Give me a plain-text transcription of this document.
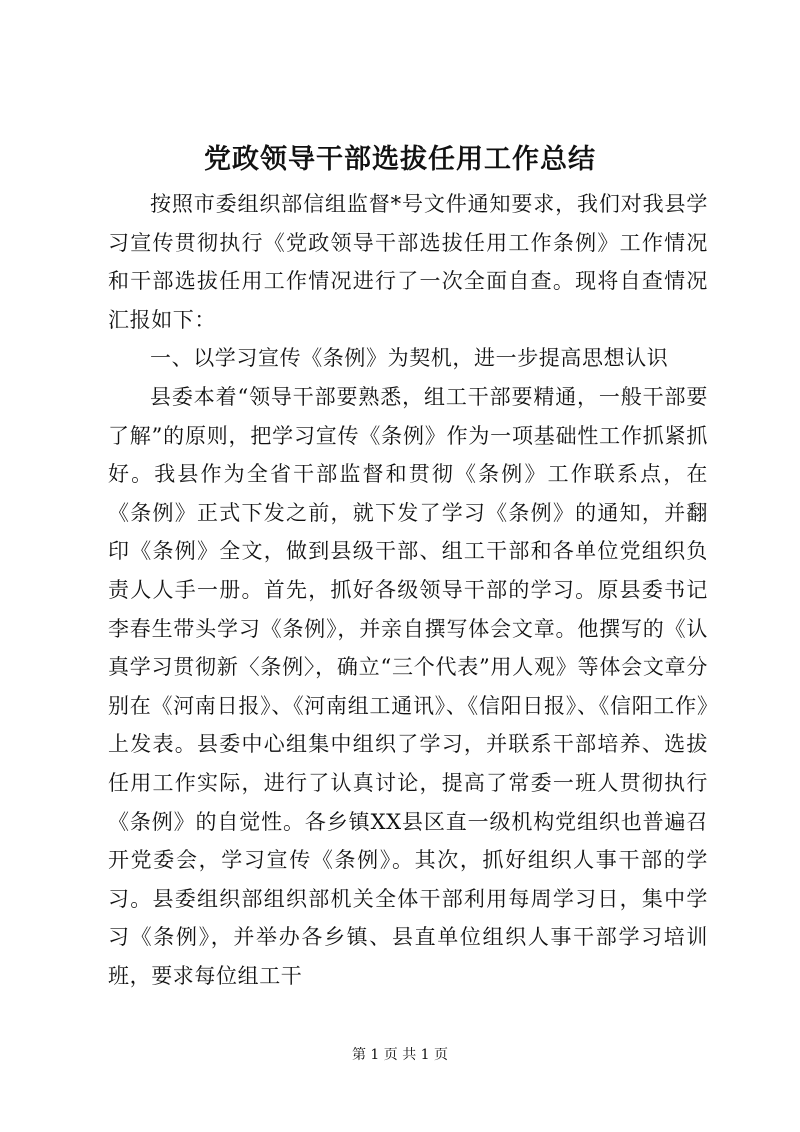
党政领导干部选拔任用工作总结

按照市委组织部信组监督*号文件通知要求，我们对我县学习宣传贯彻执行《党政领导干部选拔任用工作条例》工作情况和干部选拔任用工作情况进行了一次全面自查。现将自查情况汇报如下：

一、以学习宣传《条例》为契机，进一步提高思想认识

县委本着“领导干部要熟悉，组工干部要精通，一般干部要了解”的原则，把学习宣传《条例》作为一项基础性工作抓紧抓好。我县作为全省干部监督和贯彻《条例》工作联系点，在《条例》正式下发之前，就下发了学习《条例》的通知，并翻印《条例》全文，做到县级干部、组工干部和各单位党组织负责人人手一册。首先，抓好各级领导干部的学习。原县委书记李春生带头学习《条例》，并亲自撰写体会文章。他撰写的《认真学习贯彻新〈条例〉，确立“三个代表”用人观》等体会文章分别在《河南日报》、《河南组工通讯》、《信阳日报》、《信阳工作》上发表。县委中心组集中组织了学习，并联系干部培养、选拔任用工作实际，进行了认真讨论，提高了常委一班人贯彻执行《条例》的自觉性。各乡镇XX县区直一级机构党组织也普遍召开党委会，学习宣传《条例》。其次，抓好组织人事干部的学习。县委组织部组织部机关全体干部利用每周学习日，集中学习《条例》，并举办各乡镇、县直单位组织人事干部学习培训班，要求每位组工干

第 1 页 共 1 页
